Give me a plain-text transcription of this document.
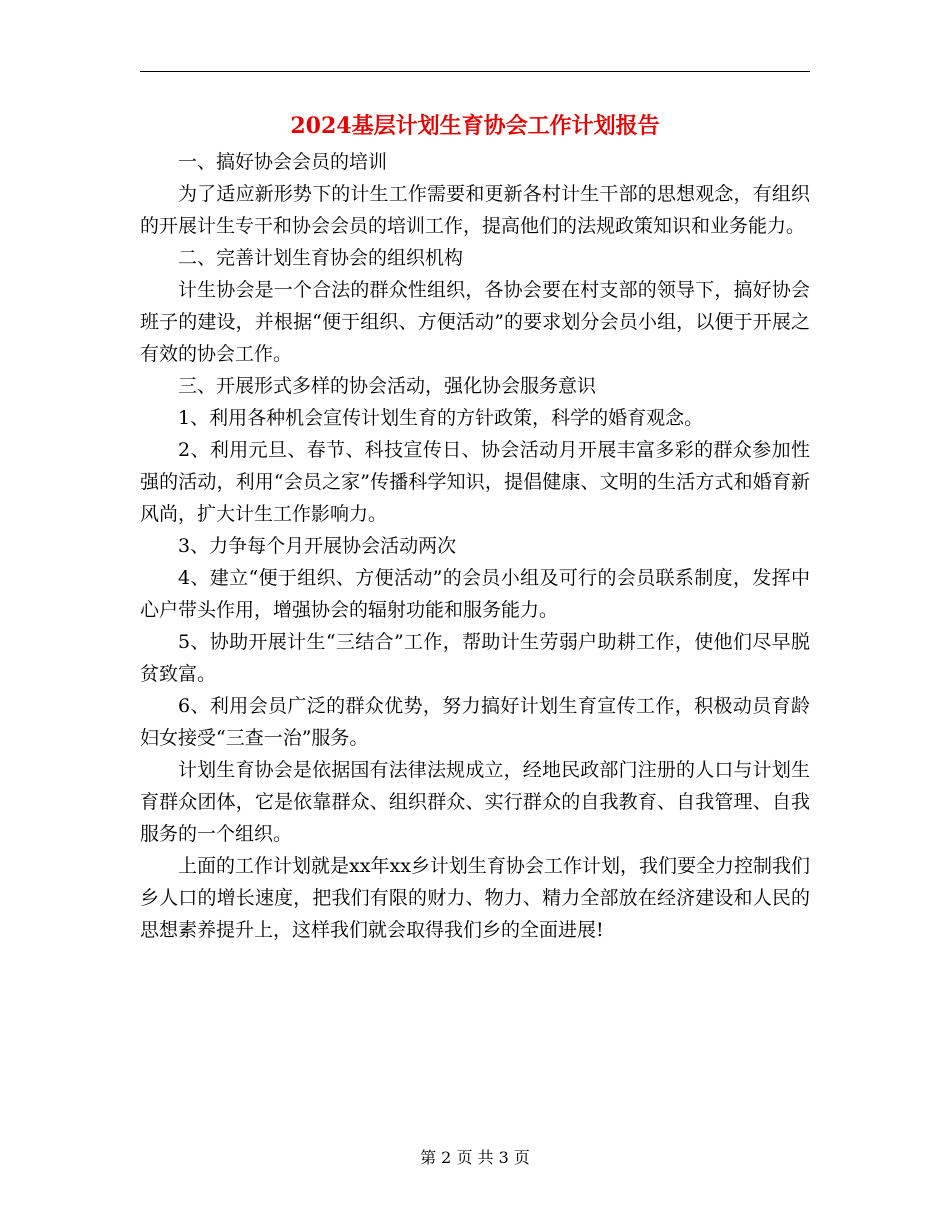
2024基层计划生育协会工作计划报告

一、搞好协会会员的培训

为了适应新形势下的计生工作需要和更新各村计生干部的思想观念，有组织的开展计生专干和协会会员的培训工作，提高他们的法规政策知识和业务能力。

二、完善计划生育协会的组织机构

计生协会是一个合法的群众性组织，各协会要在村支部的领导下，搞好协会班子的建设，并根据“便于组织、方便活动”的要求划分会员小组，以便于开展之有效的协会工作。

三、开展形式多样的协会活动，强化协会服务意识

1、利用各种机会宣传计划生育的方针政策，科学的婚育观念。

2、利用元旦、春节、科技宣传日、协会活动月开展丰富多彩的群众参加性强的活动，利用“会员之家”传播科学知识，提倡健康、文明的生活方式和婚育新风尚，扩大计生工作影响力。

3、力争每个月开展协会活动两次

4、建立“便于组织、方便活动”的会员小组及可行的会员联系制度，发挥中心户带头作用，增强协会的辐射功能和服务能力。

5、协助开展计生“三结合”工作，帮助计生劳弱户助耕工作，使他们尽早脱贫致富。

6、利用会员广泛的群众优势，努力搞好计划生育宣传工作，积极动员育龄妇女接受“三查一治”服务。

计划生育协会是依据国有法律法规成立，经地民政部门注册的人口与计划生育群众团体，它是依靠群众、组织群众、实行群众的自我教育、自我管理、自我服务的一个组织。

上面的工作计划就是xx年xx乡计划生育协会工作计划，我们要全力控制我们乡人口的增长速度，把我们有限的财力、物力、精力全部放在经济建设和人民的思想素养提升上，这样我们就会取得我们乡的全面进展!

第 2 页 共 3 页
